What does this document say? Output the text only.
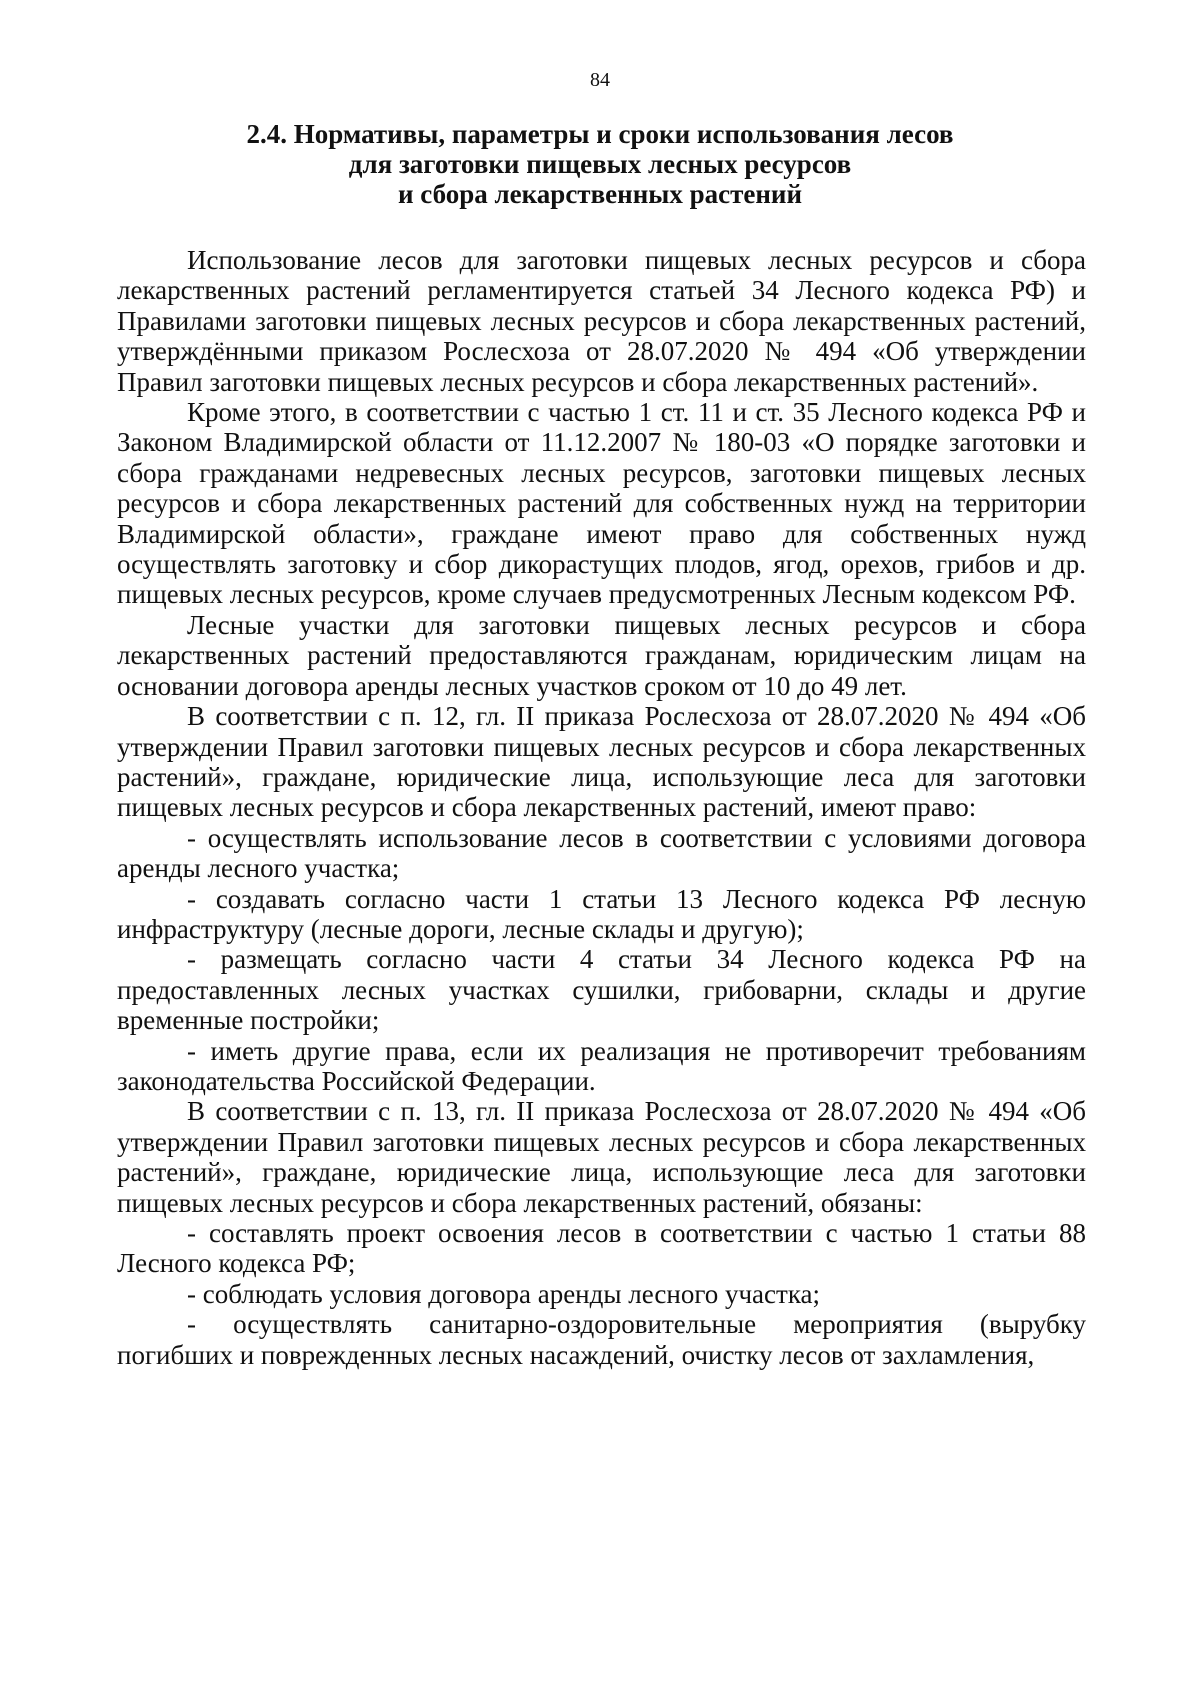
84
2.4. Нормативы, параметры и сроки использования лесов
для заготовки пищевых лесных ресурсов
и сбора лекарственных растений

Использование лесов для заготовки пищевых лесных ресурсов и сбора лекарственных растений регламентируется статьей 34 Лесного кодекса РФ) и Правилами заготовки пищевых лесных ресурсов и сбора лекарственных растений, утверждёнными приказом Рослесхоза от 28.07.2020 № 494 «Об утверждении Правил заготовки пищевых лесных ресурсов и сбора лекарственных растений».

Кроме этого, в соответствии с частью 1 ст. 11 и ст. 35 Лесного кодекса РФ и Законом Владимирской области от 11.12.2007 № 180-03 «О порядке заготовки и сбора гражданами недревесных лесных ресурсов, заготовки пищевых лесных ресурсов и сбора лекарственных растений для собственных нужд на территории Владимирской области», граждане имеют право для собственных нужд осуществлять заготовку и сбор дикорастущих плодов, ягод, орехов, грибов и др. пищевых лесных ресурсов, кроме случаев предусмотренных Лесным кодексом РФ.

Лесные участки для заготовки пищевых лесных ресурсов и сбора лекарственных растений предоставляются гражданам, юридическим лицам на основании договора аренды лесных участков сроком от 10 до 49 лет.

В соответствии с п. 12, гл. II приказа Рослесхоза от 28.07.2020 № 494 «Об утверждении Правил заготовки пищевых лесных ресурсов и сбора лекарственных растений», граждане, юридические лица, использующие леса для заготовки пищевых лесных ресурсов и сбора лекарственных растений, имеют право:

- осуществлять использование лесов в соответствии с условиями договора аренды лесного участка;

- создавать согласно части 1 статьи 13 Лесного кодекса РФ лесную инфраструктуру (лесные дороги, лесные склады и другую);

- размещать согласно части 4 статьи 34 Лесного кодекса РФ на предоставленных лесных участках сушилки, грибоварни, склады и другие временные постройки;

- иметь другие права, если их реализация не противоречит требованиям законодательства Российской Федерации.

В соответствии с п. 13, гл. II приказа Рослесхоза от 28.07.2020 № 494 «Об утверждении Правил заготовки пищевых лесных ресурсов и сбора лекарственных растений», граждане, юридические лица, использующие леса для заготовки пищевых лесных ресурсов и сбора лекарственных растений, обязаны:

- составлять проект освоения лесов в соответствии с частью 1 статьи 88 Лесного кодекса РФ;

- соблюдать условия договора аренды лесного участка;

- осуществлять санитарно-оздоровительные мероприятия (вырубку погибших и поврежденных лесных насаждений, очистку лесов от захламления,
